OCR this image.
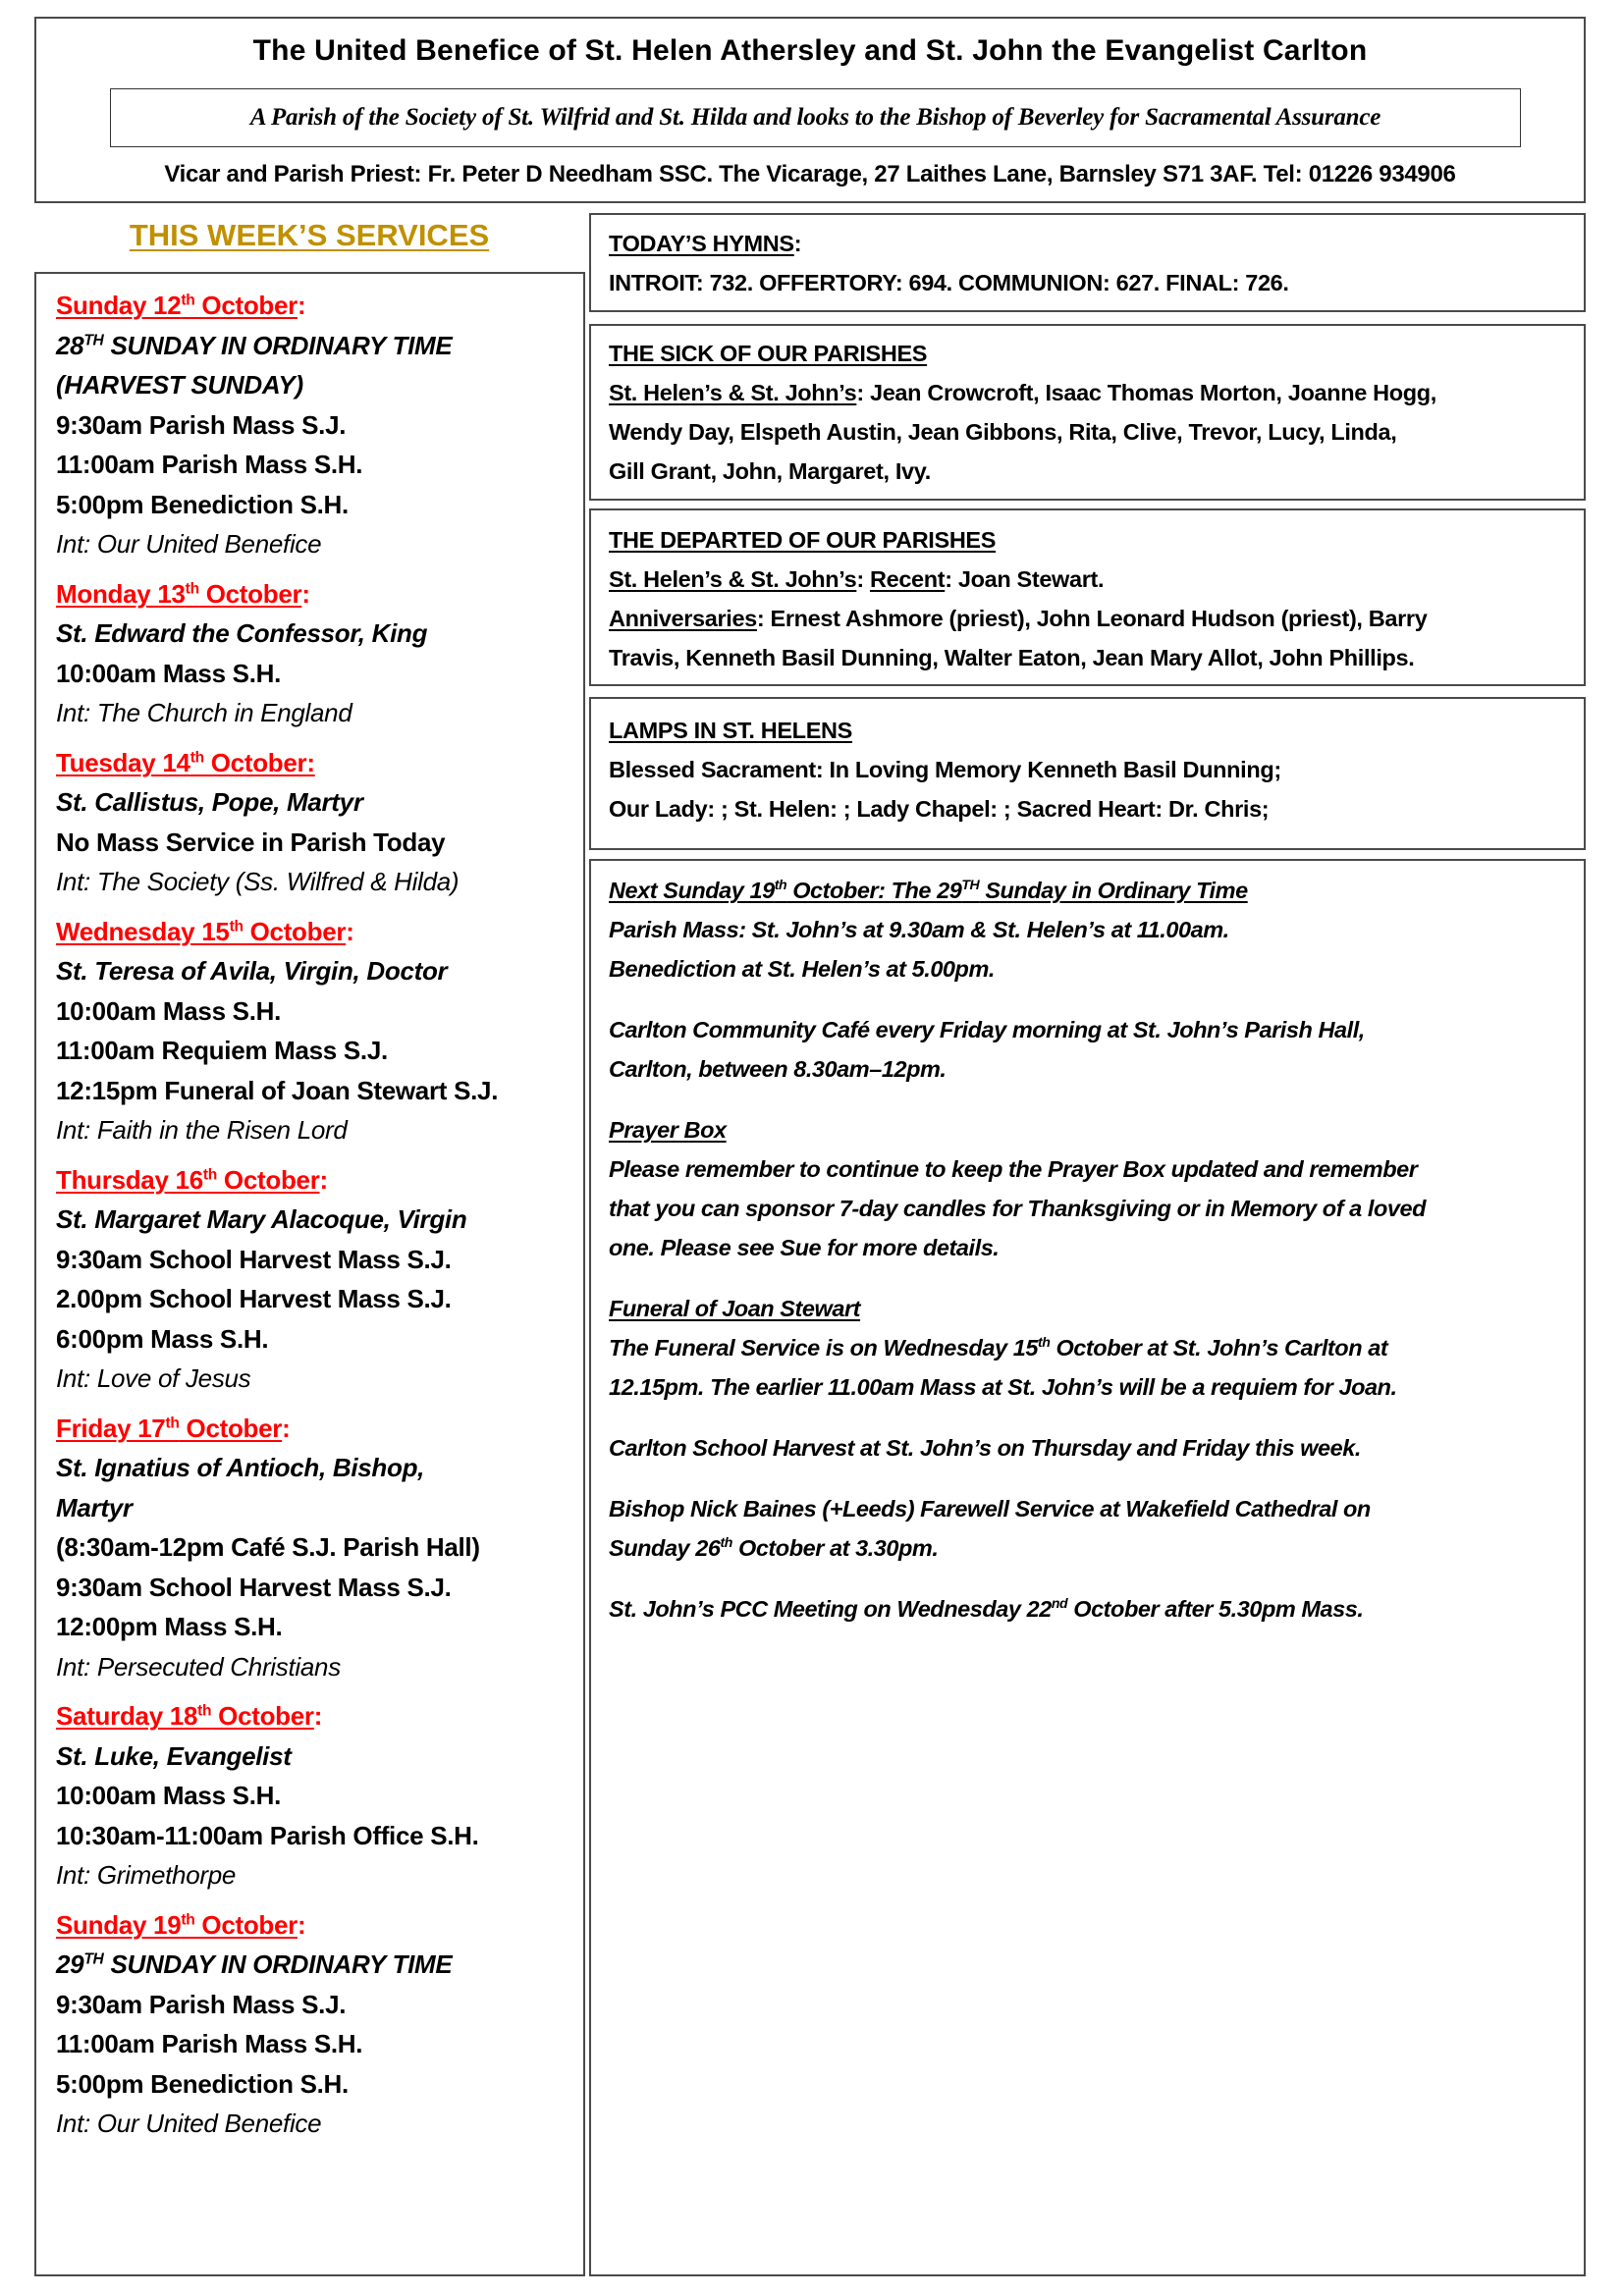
The United Benefice of St. Helen Athersley and St. John the Evangelist Carlton
A Parish of the Society of St. Wilfrid and St. Hilda and looks to the Bishop of Beverley for Sacramental Assurance
Vicar and Parish Priest: Fr. Peter D Needham SSC. The Vicarage, 27 Laithes Lane, Barnsley S71 3AF. Tel: 01226 934906
THIS WEEK’S SERVICES
Sunday 12th October:
28TH SUNDAY IN ORDINARY TIME
(HARVEST SUNDAY)
9:30am Parish Mass S.J.
11:00am Parish Mass S.H.
5:00pm Benediction S.H.
Int: Our United Benefice
Monday 13th October:
St. Edward the Confessor, King
10:00am Mass S.H.
Int: The Church in England
Tuesday 14th October:
St. Callistus, Pope, Martyr
No Mass Service in Parish Today
Int: The Society (Ss. Wilfred & Hilda)
Wednesday 15th October:
St. Teresa of Avila, Virgin, Doctor
10:00am Mass S.H.
11:00am Requiem Mass S.J.
12:15pm Funeral of Joan Stewart S.J.
Int: Faith in the Risen Lord
Thursday 16th October:
St. Margaret Mary Alacoque, Virgin
9:30am School Harvest Mass S.J.
2.00pm School Harvest Mass S.J.
6:00pm Mass S.H.
Int: Love of Jesus
Friday 17th October:
St. Ignatius of Antioch, Bishop,
Martyr
(8:30am-12pm Café S.J. Parish Hall)
9:30am School Harvest Mass S.J.
12:00pm Mass S.H.
Int: Persecuted Christians
Saturday 18th October:
St. Luke, Evangelist
10:00am Mass S.H.
10:30am-11:00am Parish Office S.H.
Int: Grimethorpe
Sunday 19th October:
29TH SUNDAY IN ORDINARY TIME
9:30am Parish Mass S.J.
11:00am Parish Mass S.H.
5:00pm Benediction S.H.
Int: Our United Benefice
TODAY’S HYMNS:
INTROIT: 732. OFFERTORY: 694. COMMUNION: 627. FINAL: 726.
THE SICK OF OUR PARISHES
St. Helen’s & St. John’s: Jean Crowcroft, Isaac Thomas Morton, Joanne Hogg,
Wendy Day, Elspeth Austin, Jean Gibbons, Rita, Clive, Trevor, Lucy, Linda,
Gill Grant, John, Margaret, Ivy.
THE DEPARTED OF OUR PARISHES
St. Helen’s & St. John’s: Recent: Joan Stewart.
Anniversaries: Ernest Ashmore (priest), John Leonard Hudson (priest), Barry
Travis, Kenneth Basil Dunning, Walter Eaton, Jean Mary Allot, John Phillips.
LAMPS IN ST. HELENS
Blessed Sacrament: In Loving Memory Kenneth Basil Dunning;
Our Lady: ; St. Helen: ; Lady Chapel: ; Sacred Heart: Dr. Chris;
Next Sunday 19th October: The 29TH Sunday in Ordinary Time
Parish Mass: St. John’s at 9.30am & St. Helen’s at 11.00am.
Benediction at St. Helen’s at 5.00pm.
Carlton Community Café every Friday morning at St. John’s Parish Hall,
Carlton, between 8.30am–12pm.
Prayer Box
Please remember to continue to keep the Prayer Box updated and remember
that you can sponsor 7-day candles for Thanksgiving or in Memory of a loved
one. Please see Sue for more details.
Funeral of Joan Stewart
The Funeral Service is on Wednesday 15th October at St. John’s Carlton at
12.15pm. The earlier 11.00am Mass at St. John’s will be a requiem for Joan.
Carlton School Harvest at St. John’s on Thursday and Friday this week.
Bishop Nick Baines (+Leeds) Farewell Service at Wakefield Cathedral on
Sunday 26th October at 3.30pm.
St. John’s PCC Meeting on Wednesday 22nd October after 5.30pm Mass.
